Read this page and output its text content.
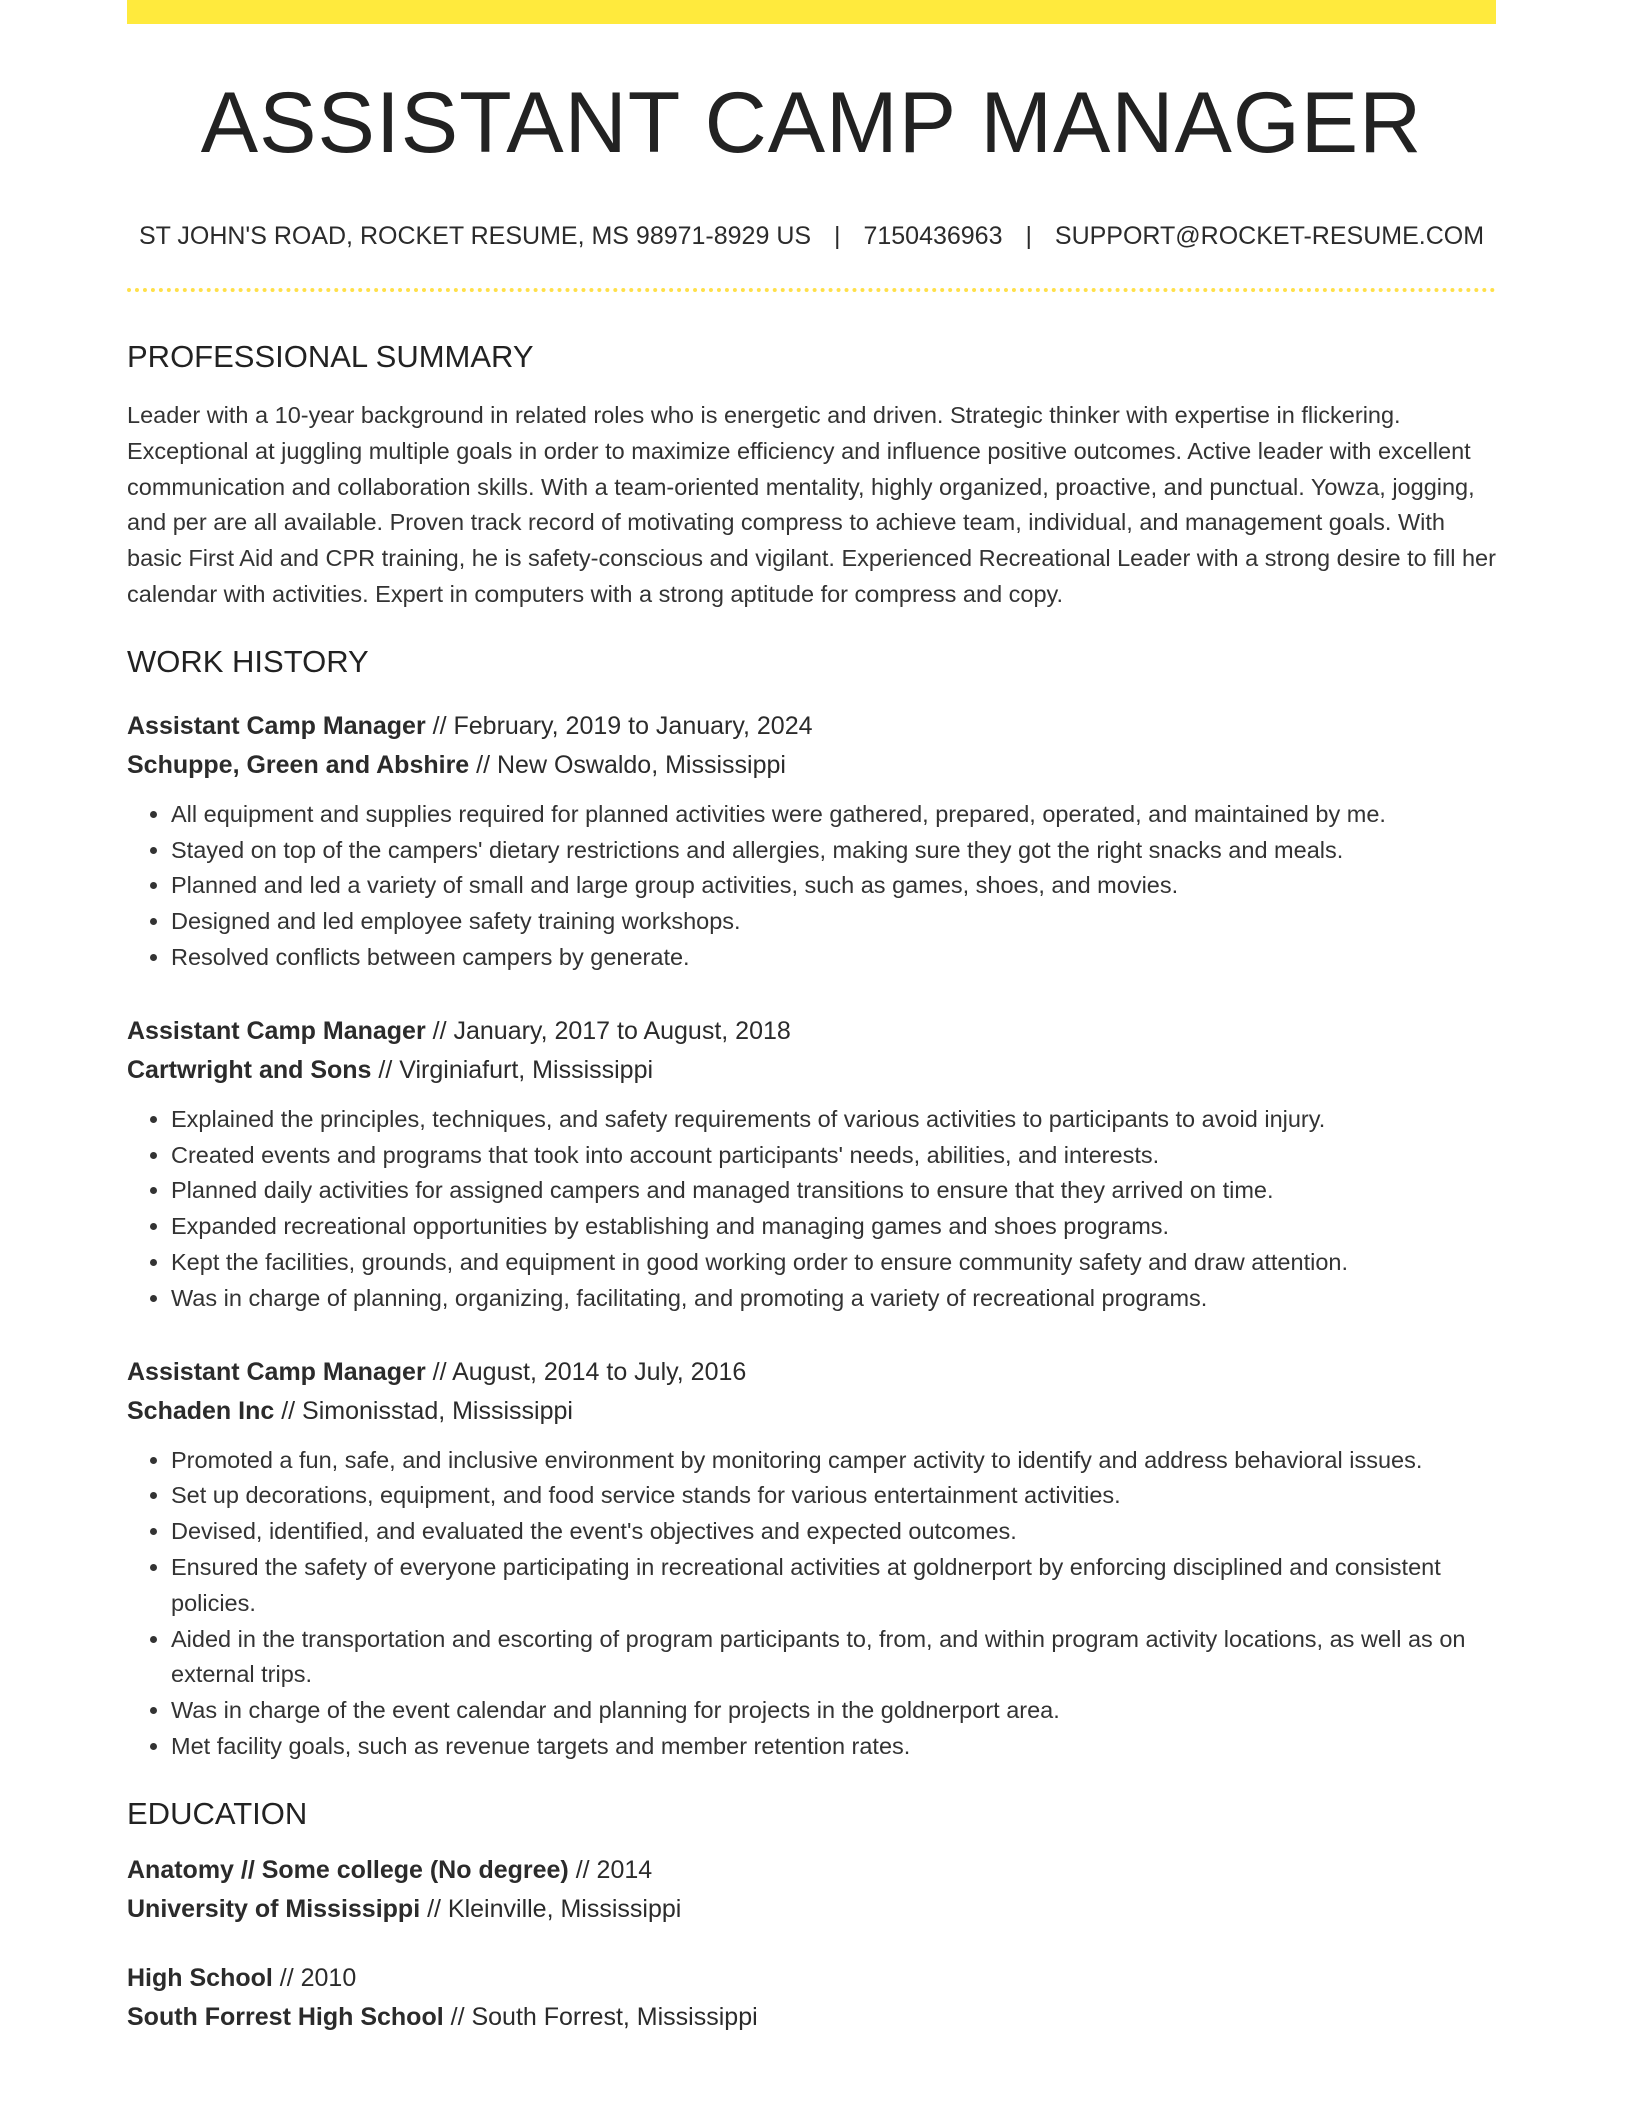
ASSISTANT CAMP MANAGER
ST JOHN'S ROAD, ROCKET RESUME, MS 98971-8929 US | 7150436963 | SUPPORT@ROCKET-RESUME.COM
PROFESSIONAL SUMMARY
Leader with a 10-year background in related roles who is energetic and driven. Strategic thinker with expertise in flickering. Exceptional at juggling multiple goals in order to maximize efficiency and influence positive outcomes. Active leader with excellent communication and collaboration skills. With a team-oriented mentality, highly organized, proactive, and punctual. Yowza, jogging, and per are all available. Proven track record of motivating compress to achieve team, individual, and management goals. With basic First Aid and CPR training, he is safety-conscious and vigilant. Experienced Recreational Leader with a strong desire to fill her calendar with activities. Expert in computers with a strong aptitude for compress and copy.
WORK HISTORY
Assistant Camp Manager // February, 2019 to January, 2024
Schuppe, Green and Abshire // New Oswaldo, Mississippi
• All equipment and supplies required for planned activities were gathered, prepared, operated, and maintained by me.
• Stayed on top of the campers' dietary restrictions and allergies, making sure they got the right snacks and meals.
• Planned and led a variety of small and large group activities, such as games, shoes, and movies.
• Designed and led employee safety training workshops.
• Resolved conflicts between campers by generate.
Assistant Camp Manager // January, 2017 to August, 2018
Cartwright and Sons // Virginiafurt, Mississippi
• Explained the principles, techniques, and safety requirements of various activities to participants to avoid injury.
• Created events and programs that took into account participants' needs, abilities, and interests.
• Planned daily activities for assigned campers and managed transitions to ensure that they arrived on time.
• Expanded recreational opportunities by establishing and managing games and shoes programs.
• Kept the facilities, grounds, and equipment in good working order to ensure community safety and draw attention.
• Was in charge of planning, organizing, facilitating, and promoting a variety of recreational programs.
Assistant Camp Manager // August, 2014 to July, 2016
Schaden Inc // Simonisstad, Mississippi
• Promoted a fun, safe, and inclusive environment by monitoring camper activity to identify and address behavioral issues.
• Set up decorations, equipment, and food service stands for various entertainment activities.
• Devised, identified, and evaluated the event's objectives and expected outcomes.
• Ensured the safety of everyone participating in recreational activities at goldnerport by enforcing disciplined and consistent policies.
• Aided in the transportation and escorting of program participants to, from, and within program activity locations, as well as on external trips.
• Was in charge of the event calendar and planning for projects in the goldnerport area.
• Met facility goals, such as revenue targets and member retention rates.
EDUCATION
Anatomy // Some college (No degree) // 2014
University of Mississippi // Kleinville, Mississippi
High School // 2010
South Forrest High School // South Forrest, Mississippi
